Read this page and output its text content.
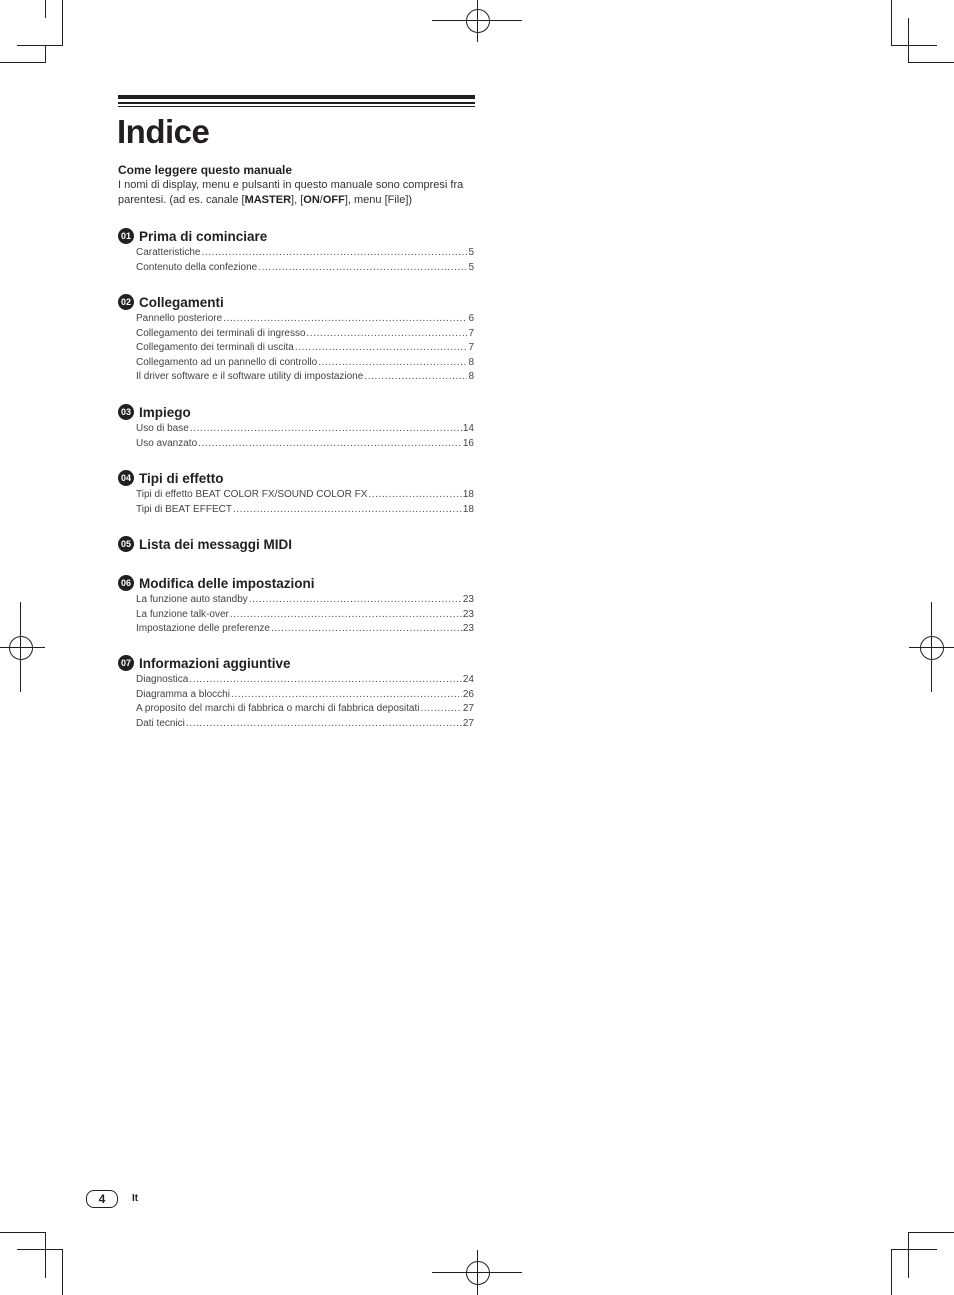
Indice
Come leggere questo manuale
I nomi di display, menu e pulsanti in questo manuale sono compresi fra parentesi. (ad es. canale [MASTER], [ON/OFF], menu [File])
01 Prima di cominciare
Caratteristiche .....	5
Contenuto della confezione .....	5
02 Collegamenti
Pannello posteriore .....	6
Collegamento dei terminali di ingresso .....	7
Collegamento dei terminali di uscita .....	7
Collegamento ad un pannello di controllo .....	8
Il driver software e il software utility di impostazione .....	8
03 Impiego
Uso di base .....	14
Uso avanzato .....	16
04 Tipi di effetto
Tipi di effetto BEAT COLOR FX/SOUND COLOR FX .....	18
Tipi di BEAT EFFECT .....	18
05 Lista dei messaggi MIDI
06 Modifica delle impostazioni
La funzione auto standby .....	23
La funzione talk-over .....	23
Impostazione delle preferenze .....	23
07 Informazioni aggiuntive
Diagnostica .....	24
Diagramma a blocchi .....	26
A proposito del marchi di fabbrica o marchi di fabbrica depositati .....	27
Dati tecnici .....	27
4	It
